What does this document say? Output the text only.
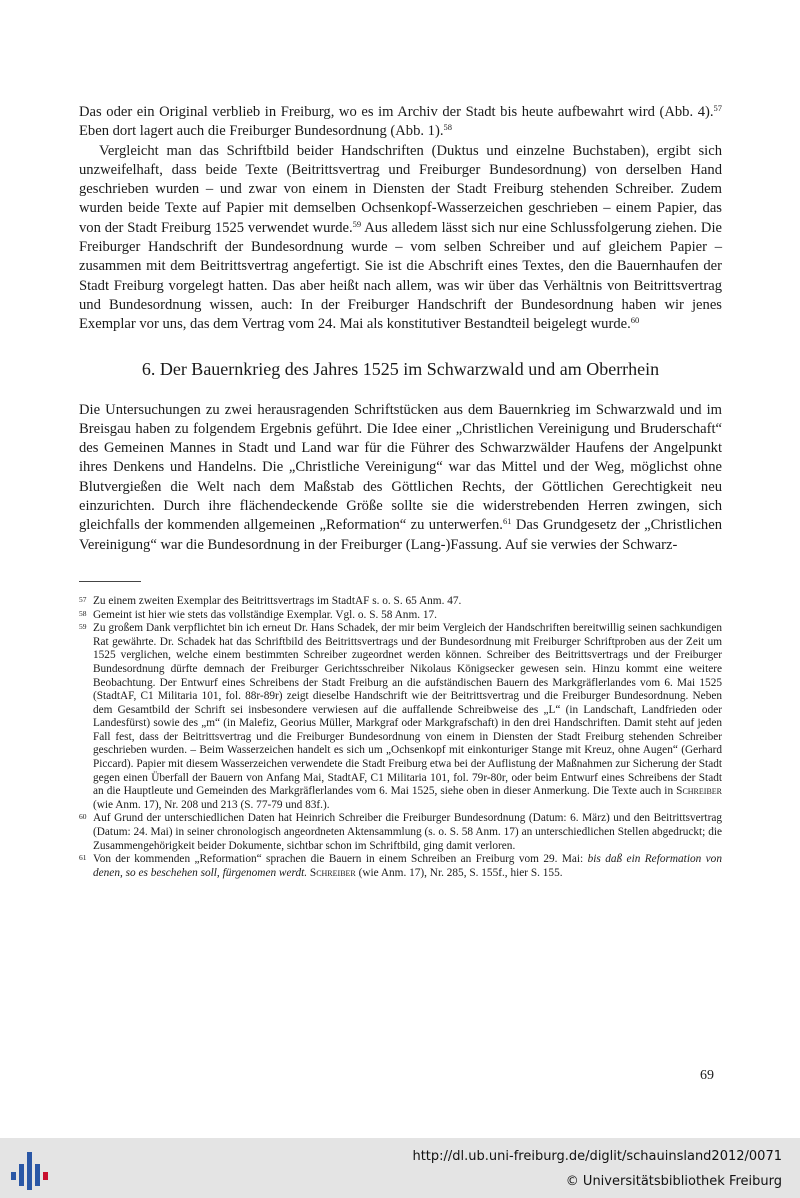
Das oder ein Original verblieb in Freiburg, wo es im Archiv der Stadt bis heute aufbewahrt wird (Abb. 4).$^{57}$ Eben dort lagert auch die Freiburger Bundesordnung (Abb. 1).$^{58}$

Vergleicht man das Schriftbild beider Handschriften (Duktus und einzelne Buchstaben), ergibt sich unzweifelhaft, dass beide Texte (Beitrittsvertrag und Freiburger Bundesordnung) von derselben Hand geschrieben wurden – und zwar von einem in Diensten der Stadt Freiburg stehenden Schreiber. Zudem wurden beide Texte auf Papier mit demselben Ochsenkopf-Wasserzeichen geschrieben – einem Papier, das von der Stadt Freiburg 1525 verwendet wurde.$^{59}$ Aus alledem lässt sich nur eine Schlussfolgerung ziehen. Die Freiburger Handschrift der Bundesordnung wurde – vom selben Schreiber und auf gleichem Papier – zusammen mit dem Beitrittsvertrag angefertigt. Sie ist die Abschrift eines Textes, den die Bauernhaufen der Stadt Freiburg vorgelegt hatten. Das aber heißt nach allem, was wir über das Verhältnis von Beitrittsvertrag und Bundesordnung wissen, auch: In der Freiburger Handschrift der Bundesordnung haben wir jenes Exemplar vor uns, das dem Vertrag vom 24. Mai als konstitutiver Bestandteil beigelegt wurde.$^{60}$

6. Der Bauernkrieg des Jahres 1525 im Schwarzwald und am Oberrhein

Die Untersuchungen zu zwei herausragenden Schriftstücken aus dem Bauernkrieg im Schwarzwald und im Breisgau haben zu folgendem Ergebnis geführt. Die Idee einer „Christlichen Vereinigung und Bruderschaft“ des Gemeinen Mannes in Stadt und Land war für die Führer des Schwarzwälder Haufens der Angelpunkt ihres Denkens und Handelns. Die „Christliche Vereinigung“ war das Mittel und der Weg, möglichst ohne Blutvergießen die Welt nach dem Maßstab des Göttlichen Rechts, der Göttlichen Gerechtigkeit neu einzurichten. Durch ihre flächendeckende Größe sollte sie die widerstrebenden Herren zwingen, sich gleichfalls der kommenden allgemeinen „Reformation“ zu unterwerfen.$^{61}$ Das Grundgesetz der „Christlichen Vereinigung“ war die Bundesordnung in der Freiburger (Lang-)Fassung. Auf sie verwies der Schwarz-

57 Zu einem zweiten Exemplar des Beitrittsvertrags im StadtAF s. o. S. 65 Anm. 47.

58 Gemeint ist hier wie stets das vollständige Exemplar. Vgl. o. S. 58 Anm. 17.

59 Zu großem Dank verpflichtet bin ich erneut Dr. Hans Schadek, der mir beim Vergleich der Handschriften bereitwillig seinen sachkundigen Rat gewährte. Dr. Schadek hat das Schriftbild des Beitrittsvertrags und der Bundesordnung mit Freiburger Schriftproben aus der Zeit um 1525 verglichen, welche einem bestimmten Schreiber zugeordnet werden können. Schreiber des Beitrittsvertrags und der Freiburger Bundesordnung dürfte demnach der Freiburger Gerichtsschreiber Nikolaus Königsecker gewesen sein. Hinzu kommt eine weitere Beobachtung. Der Entwurf eines Schreibens der Stadt Freiburg an die aufständischen Bauern des Markgräflerlandes vom 6. Mai 1525 (StadtAF, C1 Militaria 101, fol. 88r-89r) zeigt dieselbe Handschrift wie der Beitrittsvertrag und die Freiburger Bundesordnung. Neben dem Gesamtbild der Schrift sei insbesondere verwiesen auf die auffallende Schreibweise des „L“ (in Landschaft, Landfrieden oder Landesfürst) sowie des „m“ (in Malefiz, Georius Müller, Markgraf oder Markgrafschaft) in den drei Handschriften. Damit steht auf jeden Fall fest, dass der Beitrittsvertrag und die Freiburger Bundesordnung von einem in Diensten der Stadt Freiburg stehenden Schreiber geschrieben wurden. – Beim Wasserzeichen handelt es sich um „Ochsenkopf mit einkonturiger Stange mit Kreuz, ohne Augen“ (Gerhard Piccard). Papier mit diesem Wasserzeichen verwendete die Stadt Freiburg etwa bei der Auflistung der Maßnahmen zur Sicherung der Stadt gegen einen Überfall der Bauern von Anfang Mai, StadtAF, C1 Militaria 101, fol. 79r-80r, oder beim Entwurf eines Schreibens der Stadt an die Hauptleute und Gemeinden des Markgräflerlandes vom 6. Mai 1525, siehe oben in dieser Anmerkung. Die Texte auch in Schreiber (wie Anm. 17), Nr. 208 und 213 (S. 77-79 und 83f.).

60 Auf Grund der unterschiedlichen Daten hat Heinrich Schreiber die Freiburger Bundesordnung (Datum: 6. März) und den Beitrittsvertrag (Datum: 24. Mai) in seiner chronologisch angeordneten Aktensammlung (s. o. S. 58 Anm. 17) an unterschiedlichen Stellen abgedruckt; die Zusammengehörigkeit beider Dokumente, sichtbar schon im Schriftbild, ging damit verloren.

61 Von der kommenden „Reformation“ sprachen die Bauern in einem Schreiben an Freiburg vom 29. Mai: bis daß ein Reformation von denen, so es beschehen soll, fürgenomen werdt. Schreiber (wie Anm. 17), Nr. 285, S. 155f., hier S. 155.

69
http://dl.ub.uni-freiburg.de/diglit/schauinsland2012/0071
© Universitätsbibliothek Freiburg
